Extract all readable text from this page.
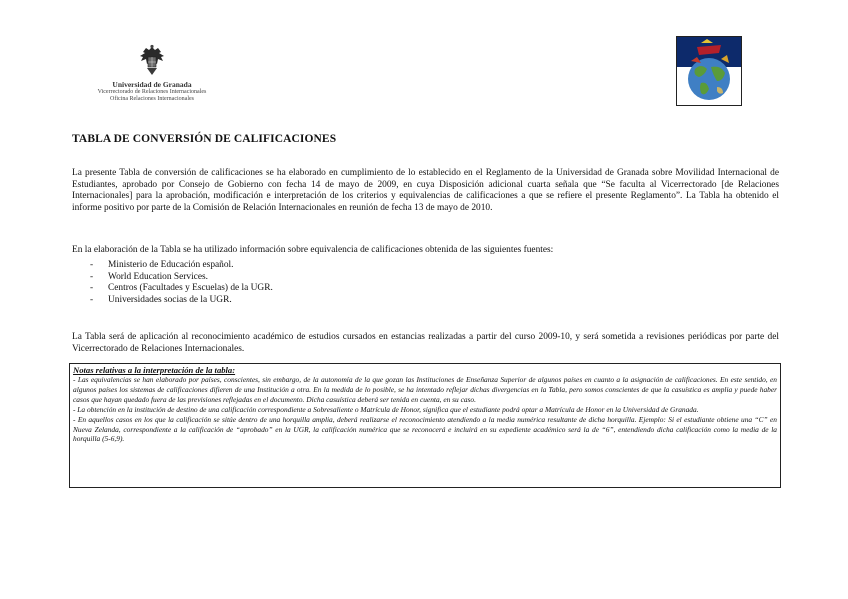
Universidad de Granada
Vicerrectorado de Relaciones Internacionales
Oficina Relaciones Internacionales
TABLA DE CONVERSIÓN DE CALIFICACIONES

La presente Tabla de conversión de calificaciones se ha elaborado en cumplimiento de lo establecido en el Reglamento de la Universidad de Granada sobre Movilidad Internacional de Estudiantes, aprobado por Consejo de Gobierno con fecha 14 de mayo de 2009, en cuya Disposición adicional cuarta señala que “Se faculta al Vicerrectorado [de Relaciones Internacionales] para la aprobación, modificación e interpretación de los criterios y equivalencias de calificaciones a que se refiere el presente Reglamento”. La Tabla ha obtenido el informe positivo por parte de la Comisión de Relación Internacionales en reunión de fecha 13 de mayo de 2010.

En la elaboración de la Tabla se ha utilizado información sobre equivalencia de calificaciones obtenida de las siguientes fuentes:

- Ministerio de Educación español.
- World Education Services.
- Centros (Facultades y Escuelas) de la UGR.
- Universidades socias de la UGR.

La Tabla será de aplicación al reconocimiento académico de estudios cursados en estancias realizadas a partir del curso 2009-10, y será sometida a revisiones periódicas por parte del Vicerrectorado de Relaciones Internacionales.

Notas relativas a la interpretación de la tabla:

- Las equivalencias se han elaborado por países, conscientes, sin embargo, de la autonomía de la que gozan las Instituciones de Enseñanza Superior de algunos países en cuanto a la asignación de calificaciones. En este sentido, en algunos países los sistemas de calificaciones difieren de una Institución a otra. En la medida de lo posible, se ha intentado reflejar dichas divergencias en la Tabla, pero somos conscientes de que la casuística es amplia y puede haber casos que hayan quedado fuera de las previsiones reflejadas en el documento. Dicha casuística deberá ser tenida en cuenta, en su caso.

- La obtención en la institución de destino de una calificación correspondiente a Sobresaliente o Matrícula de Honor, significa que el estudiante podrá optar a Matrícula de Honor en la Universidad de Granada.

- En aquellos casos en los que la calificación se sitúe dentro de una horquilla amplia, deberá realizarse el reconocimiento atendiendo a la media numérica resultante de dicha horquilla. Ejemplo: Si el estudiante obtiene una “C” en Nueva Zelanda, correspondiente a la calificación de “aprobado” en la UGR, la calificación numérica que se reconocerá e incluirá en su expediente académico será la de “6”, entendiendo dicha calificación como la media de la horquilla (5-6,9).
